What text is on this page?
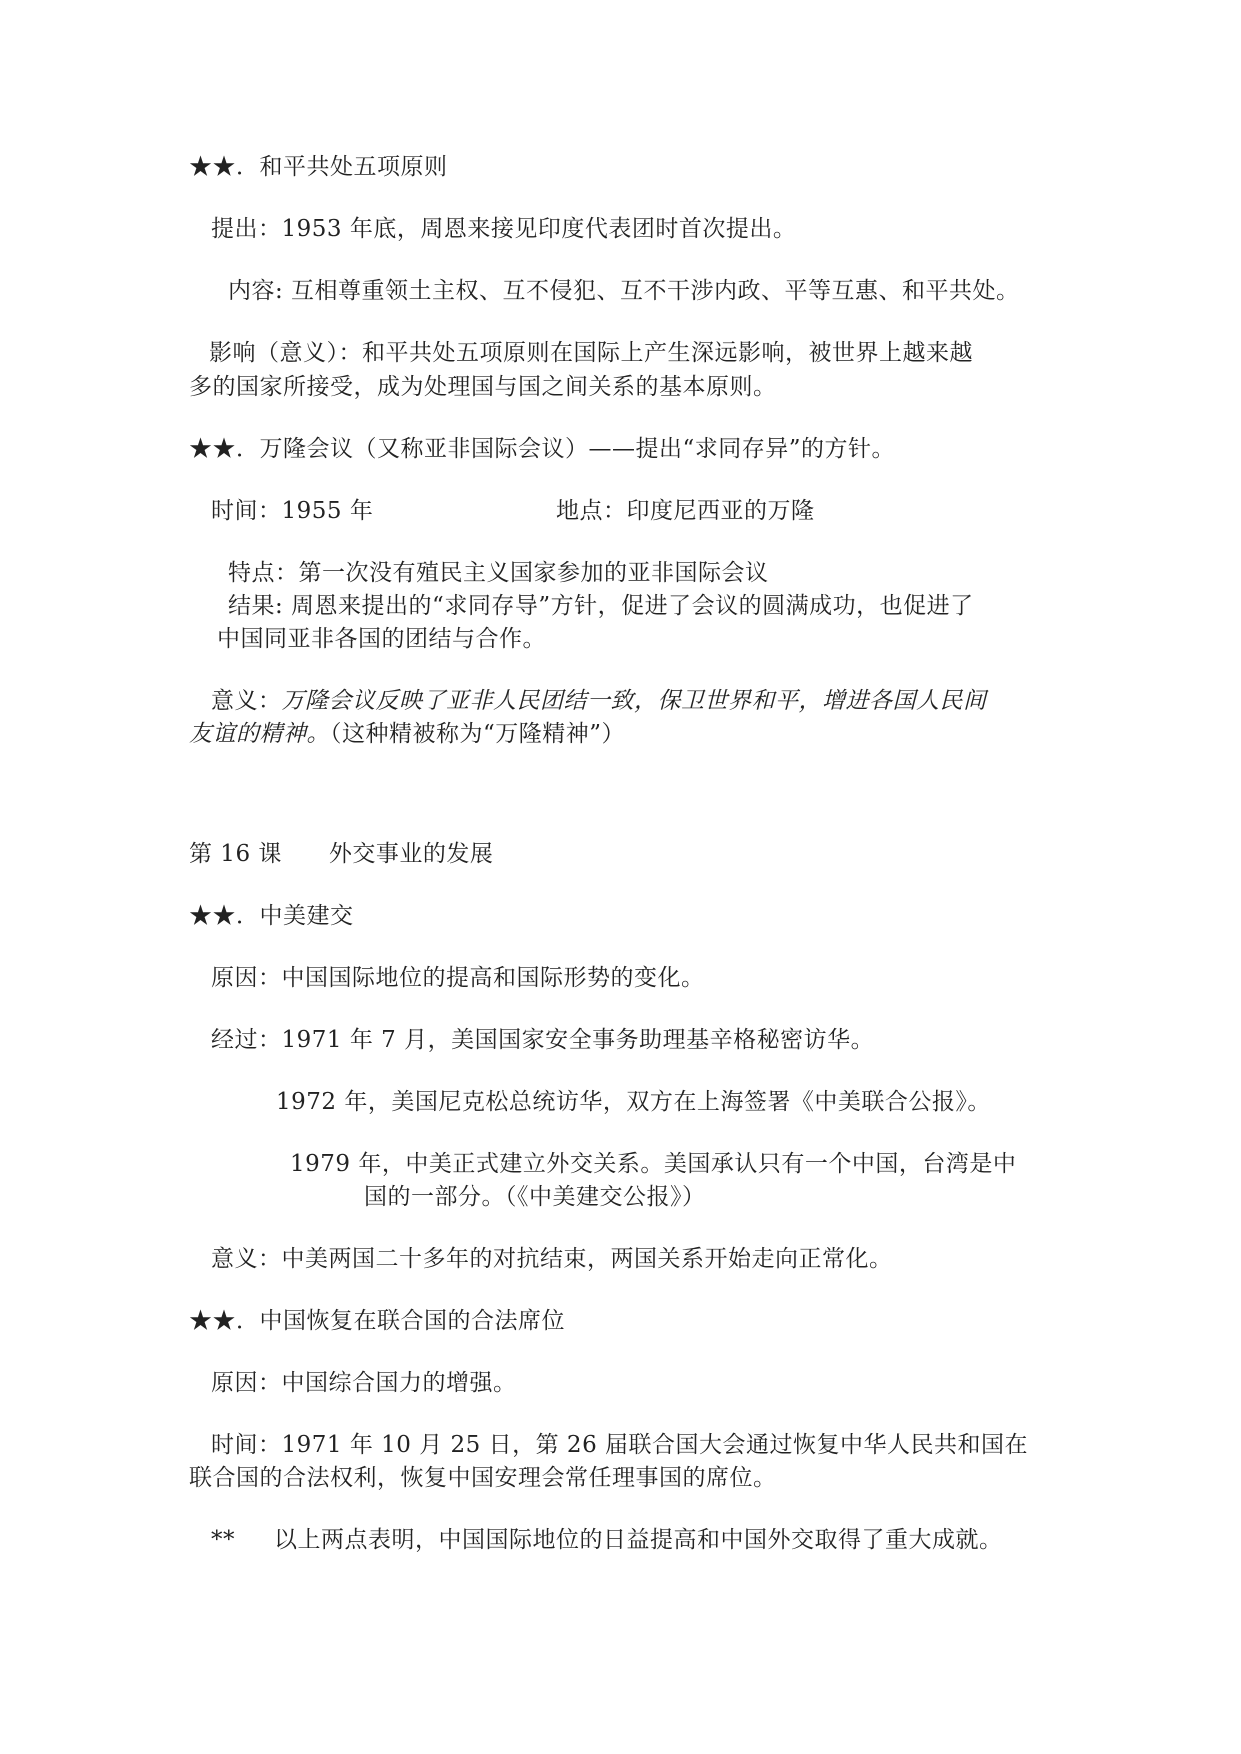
★★．和平共处五项原则
提出：1953 年底，周恩来接见印度代表团时首次提出。
内容: 互相尊重领土主权、互不侵犯、互不干涉内政、平等互惠、和平共处。
影响（意义）：和平共处五项原则在国际上产生深远影响，被世界上越来越
多的国家所接受，成为处理国与国之间关系的基本原则。
★★．万隆会议（又称亚非国际会议）——提出“求同存异”的方针。
时间：1955 年	地点：印度尼西亚的万隆
特点：第一次没有殖民主义国家参加的亚非国际会议
结果: 周恩来提出的“求同存导”方针，促进了会议的圆满成功，也促进了
中国同亚非各国的团结与合作。
意义：万隆会议反映了亚非人民团结一致，保卫世界和平，增进各国人民间
友谊的精神。（这种精被称为“万隆精神”）
第 16 课　　外交事业的发展
★★．中美建交
原因：中国国际地位的提高和国际形势的变化。
经过：1971 年 7 月，美国国家安全事务助理基辛格秘密访华。
1972 年，美国尼克松总统访华，双方在上海签署《中美联合公报》。
1979 年，中美正式建立外交关系。美国承认只有一个中国，台湾是中
国的一部分。（《中美建交公报》）
意义：中美两国二十多年的对抗结束，两国关系开始走向正常化。
★★．中国恢复在联合国的合法席位
原因：中国综合国力的增强。
时间：1971 年 10 月 25 日，第 26 届联合国大会通过恢复中华人民共和国在
联合国的合法权利，恢复中国安理会常任理事国的席位。
** 以上两点表明，中国国际地位的日益提高和中国外交取得了重大成就。
